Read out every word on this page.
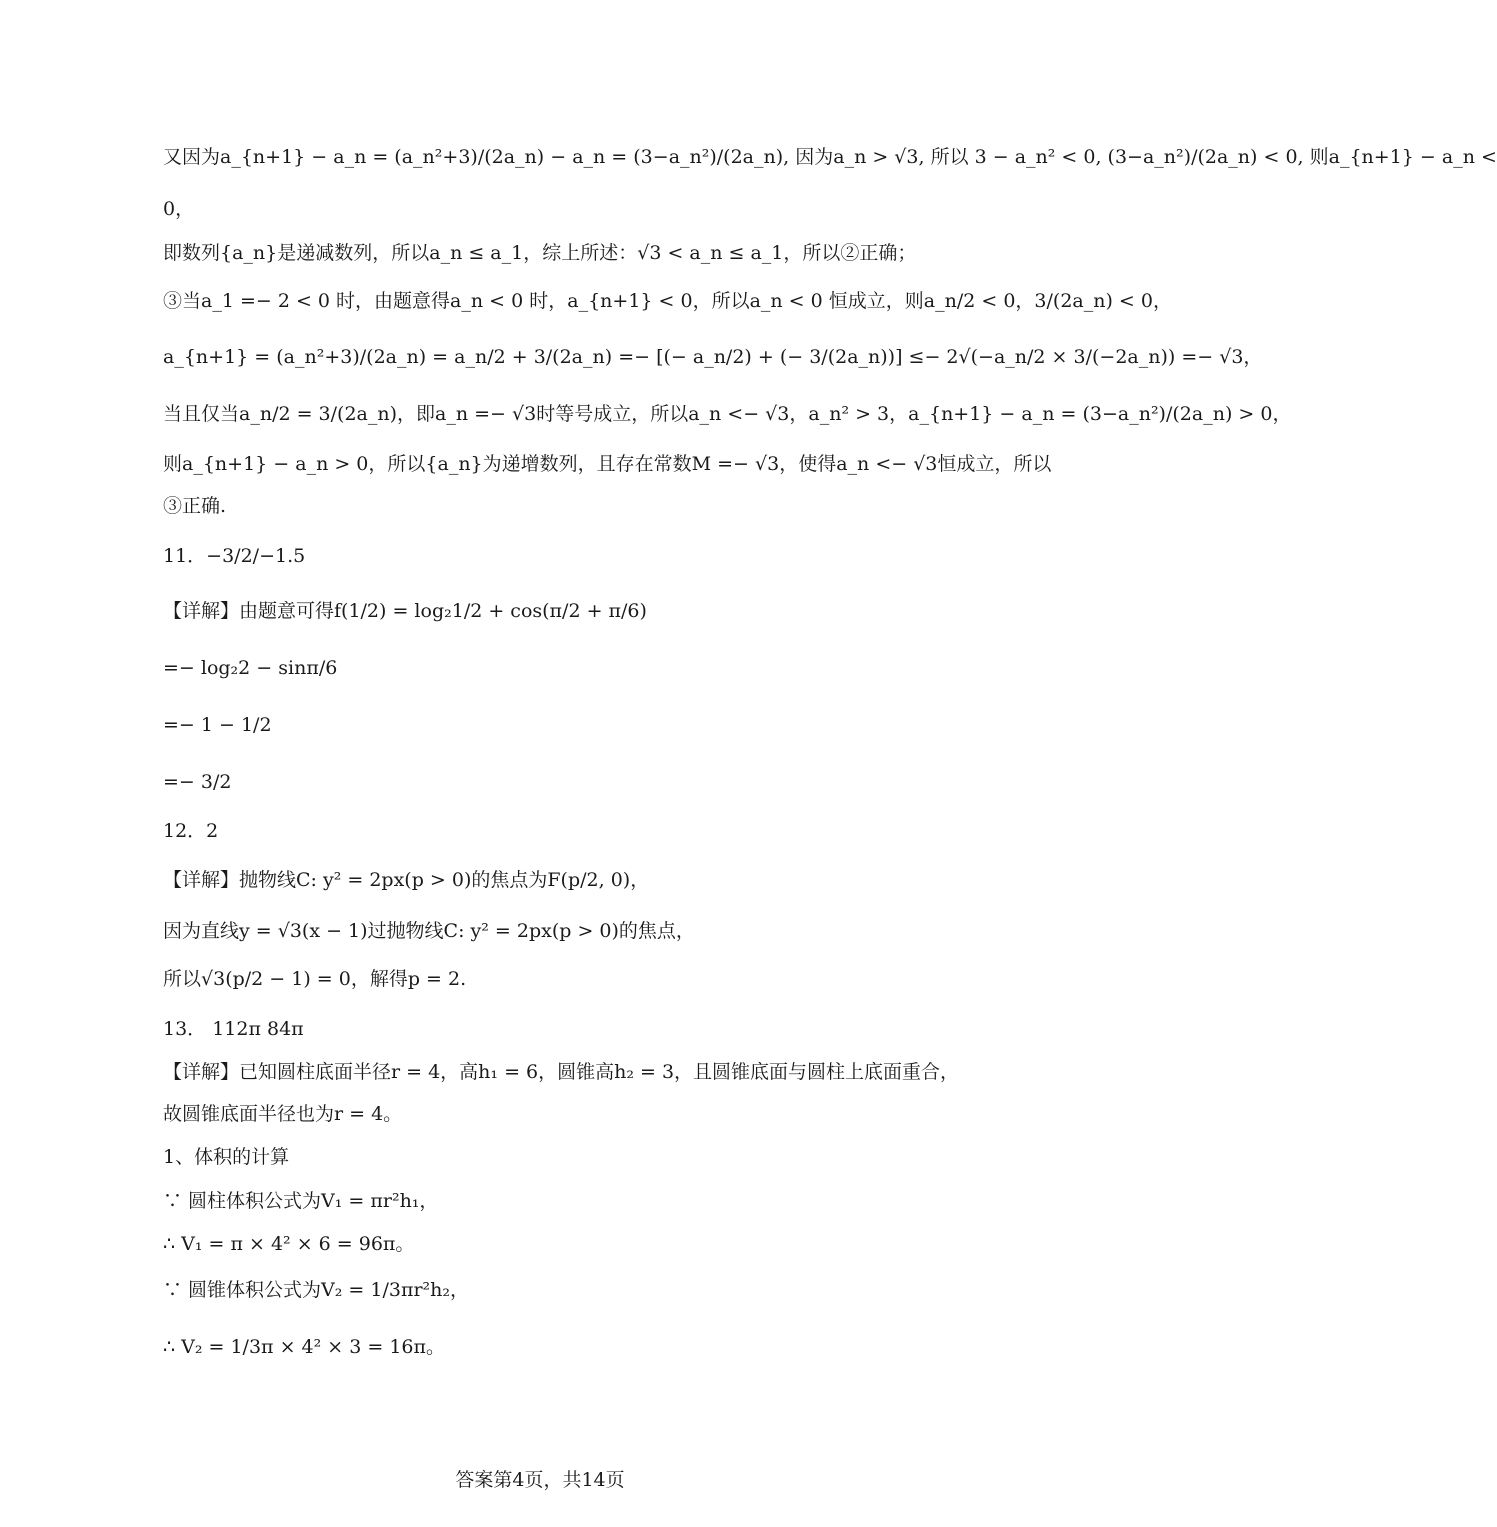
又因为a_{n+1} − a_n = (a_n²+3)/(2a_n) − a_n = (3−a_n²)/(2a_n), 因为a_n > √3, 所以 3 − a_n² < 0, (3−a_n²)/(2a_n) < 0, 则a_{n+1} − a_n <
0，
即数列{a_n}是递减数列，所以a_n ≤ a_1，综上所述：√3 < a_n ≤ a_1，所以②正确；
③当a_1 =− 2 < 0 时，由题意得a_n < 0 时，a_{n+1} < 0，所以a_n < 0 恒成立，则a_n/2 < 0，3/(2a_n) < 0，
a_{n+1} = (a_n²+3)/(2a_n) = a_n/2 + 3/(2a_n) =− [(− a_n/2) + (− 3/(2a_n))] ≤− 2√(−a_n/2 × 3/(−2a_n)) =− √3，
当且仅当a_n/2 = 3/(2a_n)，即a_n =− √3时等号成立，所以a_n <− √3，a_n² > 3，a_{n+1} − a_n = (3−a_n²)/(2a_n) > 0，
则a_{n+1} − a_n > 0，所以{a_n}为递增数列，且存在常数M =− √3，使得a_n <− √3恒成立，所以
③正确.
11．−3/2/−1.5
【详解】由题意可得f(1/2) = log₂1/2 + cos(π/2 + π/6)
=− log₂2 − sinπ/6
=− 1 − 1/2
=− 3/2
12．2
【详解】抛物线C: y² = 2px(p > 0)的焦点为F(p/2, 0)，
因为直线y = √3(x − 1)过抛物线C: y² = 2px(p > 0)的焦点，
所以√3(p/2 − 1) = 0，解得p = 2.
13． 112π 84π
【详解】已知圆柱底面半径r = 4，高h₁ = 6，圆锥高h₂ = 3，且圆锥底面与圆柱上底面重合，
故圆锥底面半径也为r = 4。
1、体积的计算
∵ 圆柱体积公式为V₁ = πr²h₁，
∴ V₁ = π × 4² × 6 = 96π。
∵ 圆锥体积公式为V₂ = 1/3πr²h₂，
∴ V₂ = 1/3π × 4² × 3 = 16π。
答案第4页，共14页
